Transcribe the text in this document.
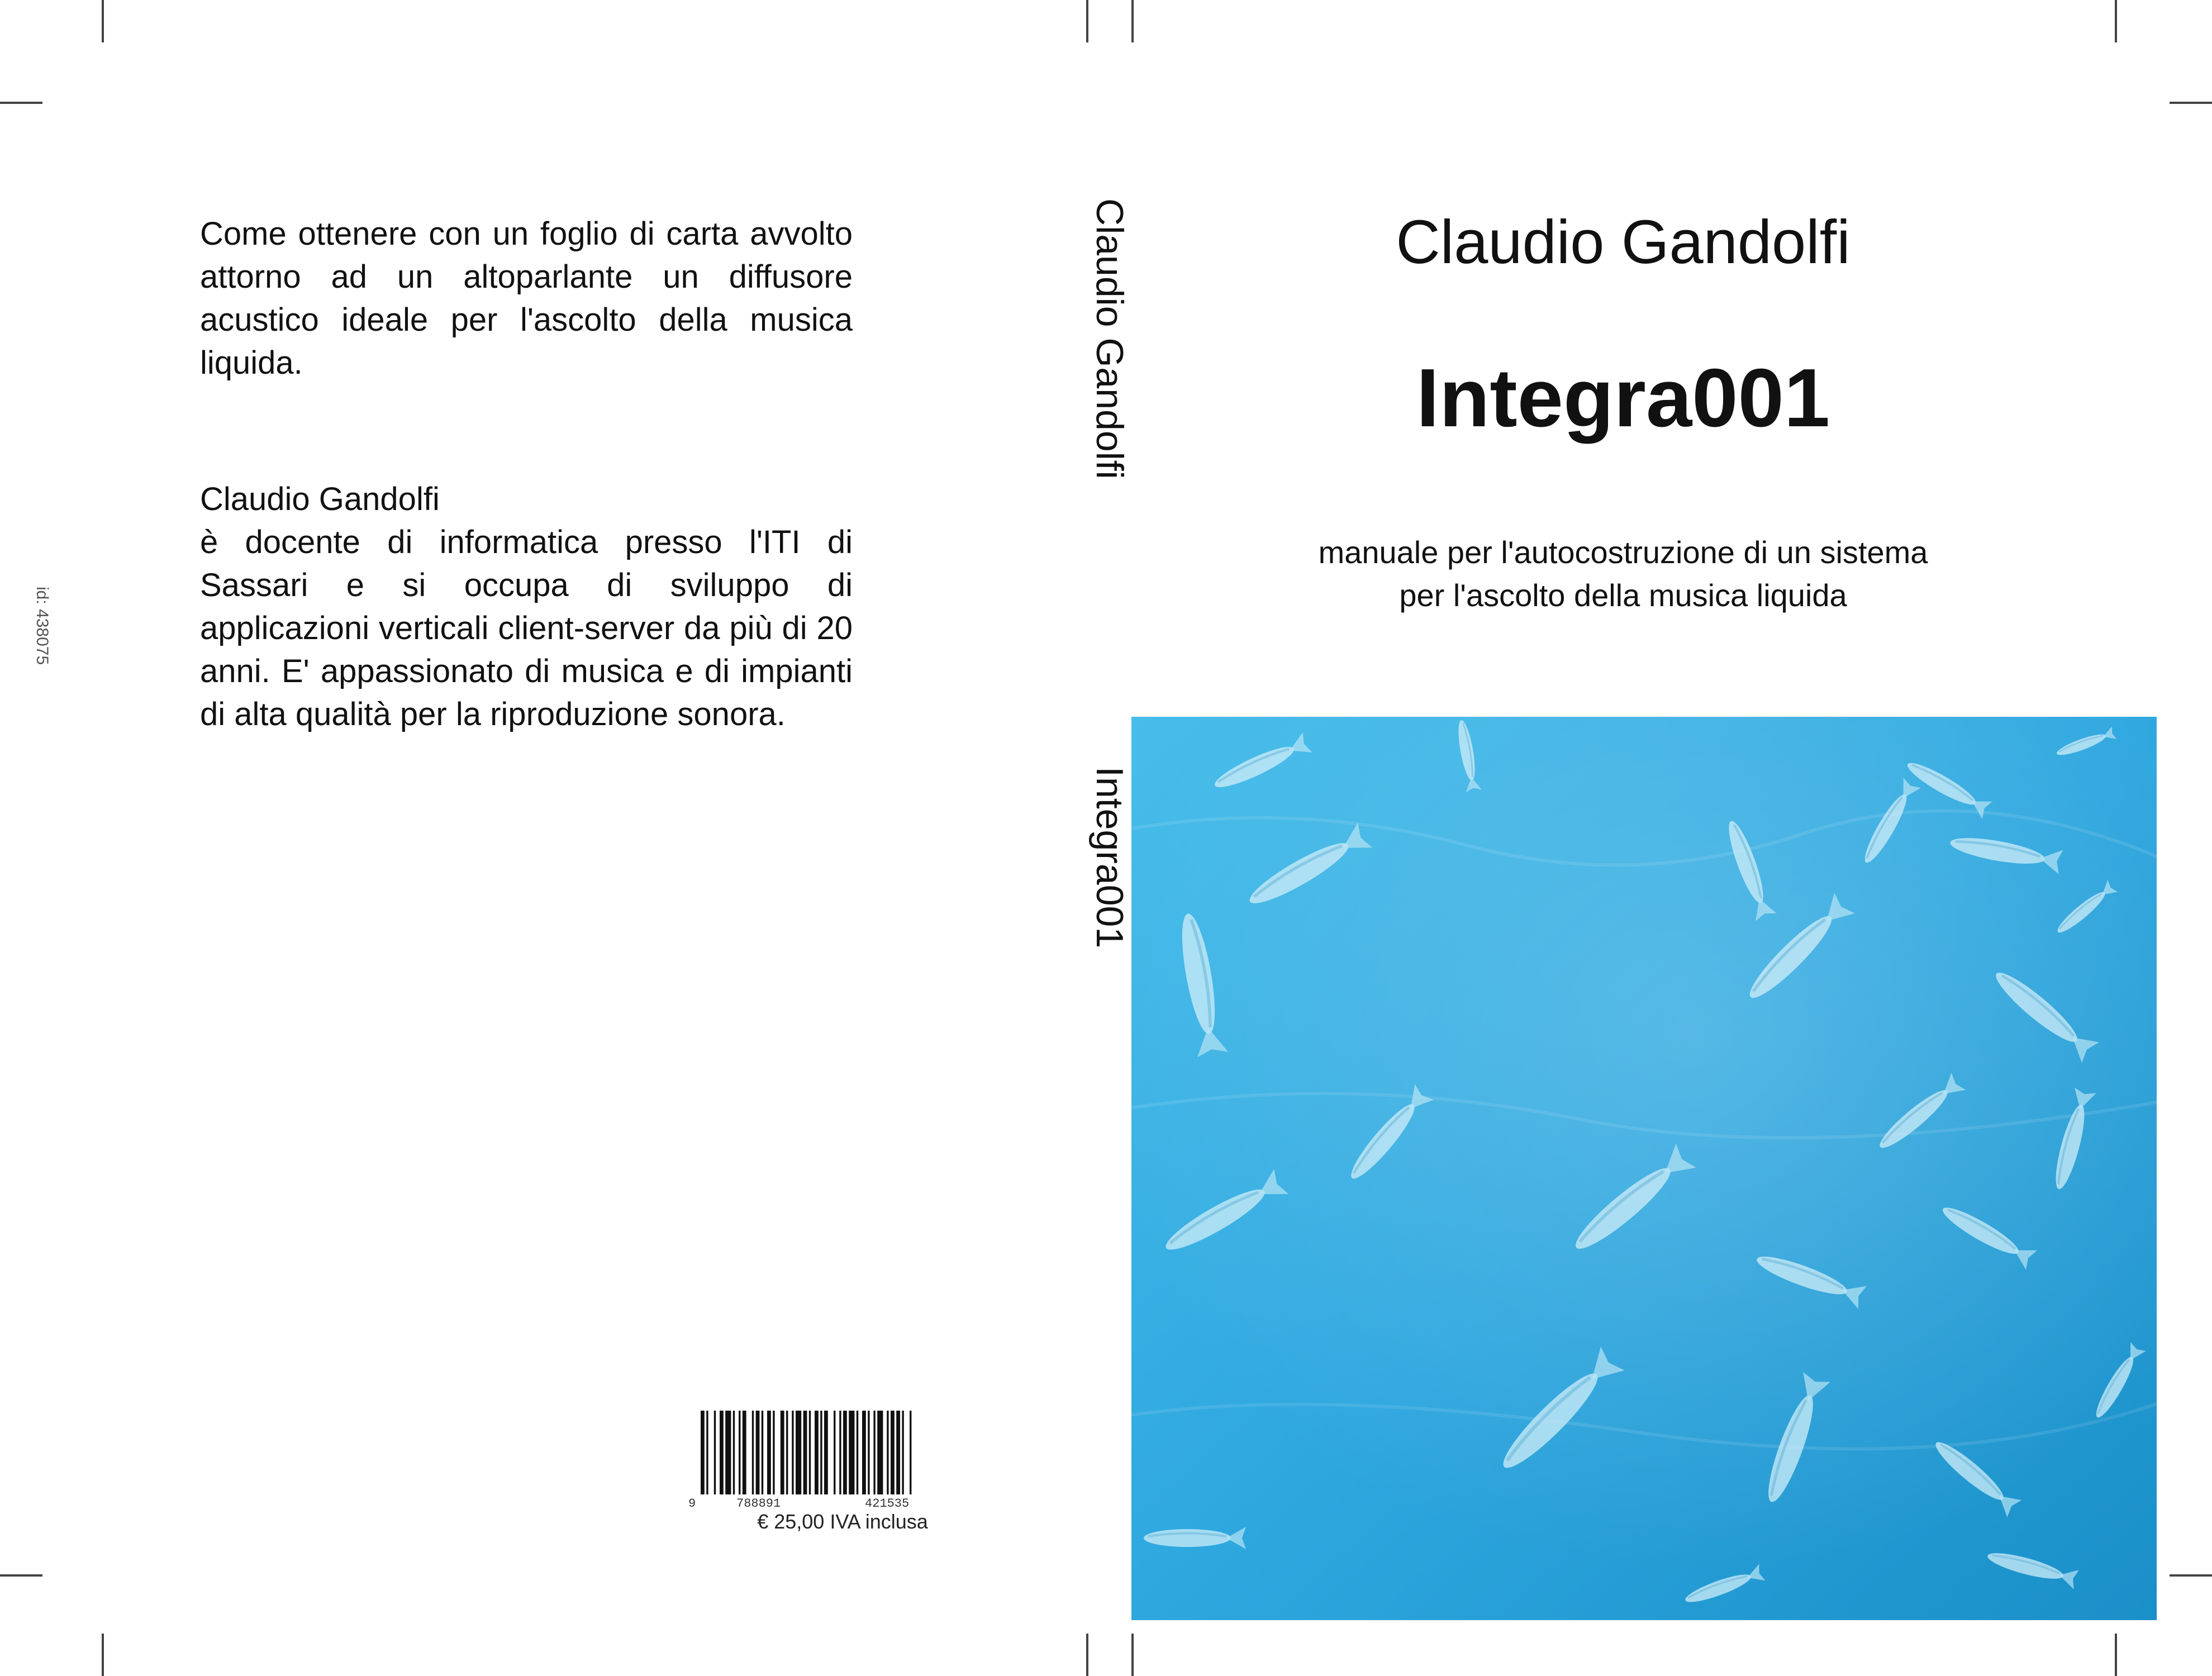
Come ottenere con un foglio di carta avvolto attorno ad un altoparlante un diffusore acustico ideale per l'ascolto della musica liquida.

Claudio Gandolfi

è docente di informatica presso l'ITI di Sassari e si occupa di sviluppo di applicazioni verticali client-server da più di 20 anni. E' appassionato di musica e di impianti di alta qualità per la riproduzione sonora.

id: 438075
9	788891	421535
€ 25,00 IVA inclusa

Claudio Gandolfi

Integra001

Claudio Gandolfi

Integra001

manuale per l'autocostruzione di un sistema
per l'ascolto della musica liquida
